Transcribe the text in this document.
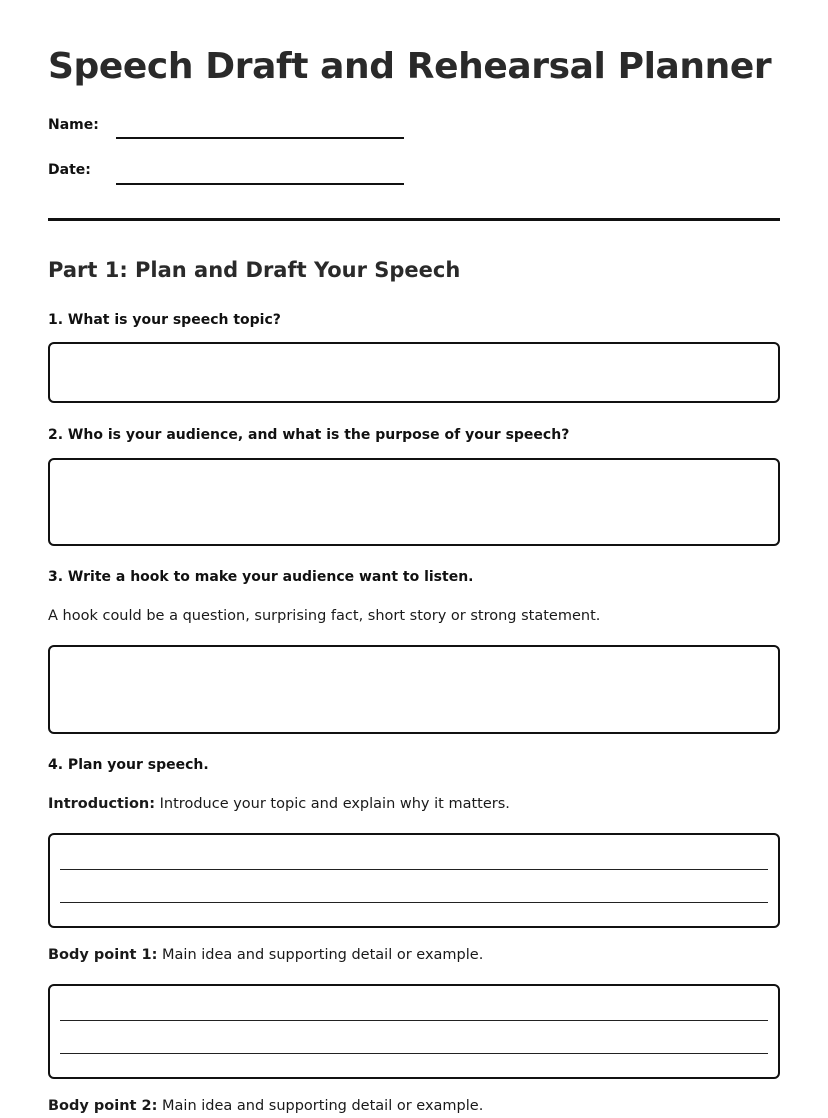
Speech Draft and Rehearsal Planner
Name:
Date:
Part 1: Plan and Draft Your Speech
1. What is your speech topic?
2. Who is your audience, and what is the purpose of your speech?
3. Write a hook to make your audience want to listen.
A hook could be a question, surprising fact, short story or strong statement.
4. Plan your speech.
Introduction: Introduce your topic and explain why it matters.
Body point 1: Main idea and supporting detail or example.
Body point 2: Main idea and supporting detail or example.
